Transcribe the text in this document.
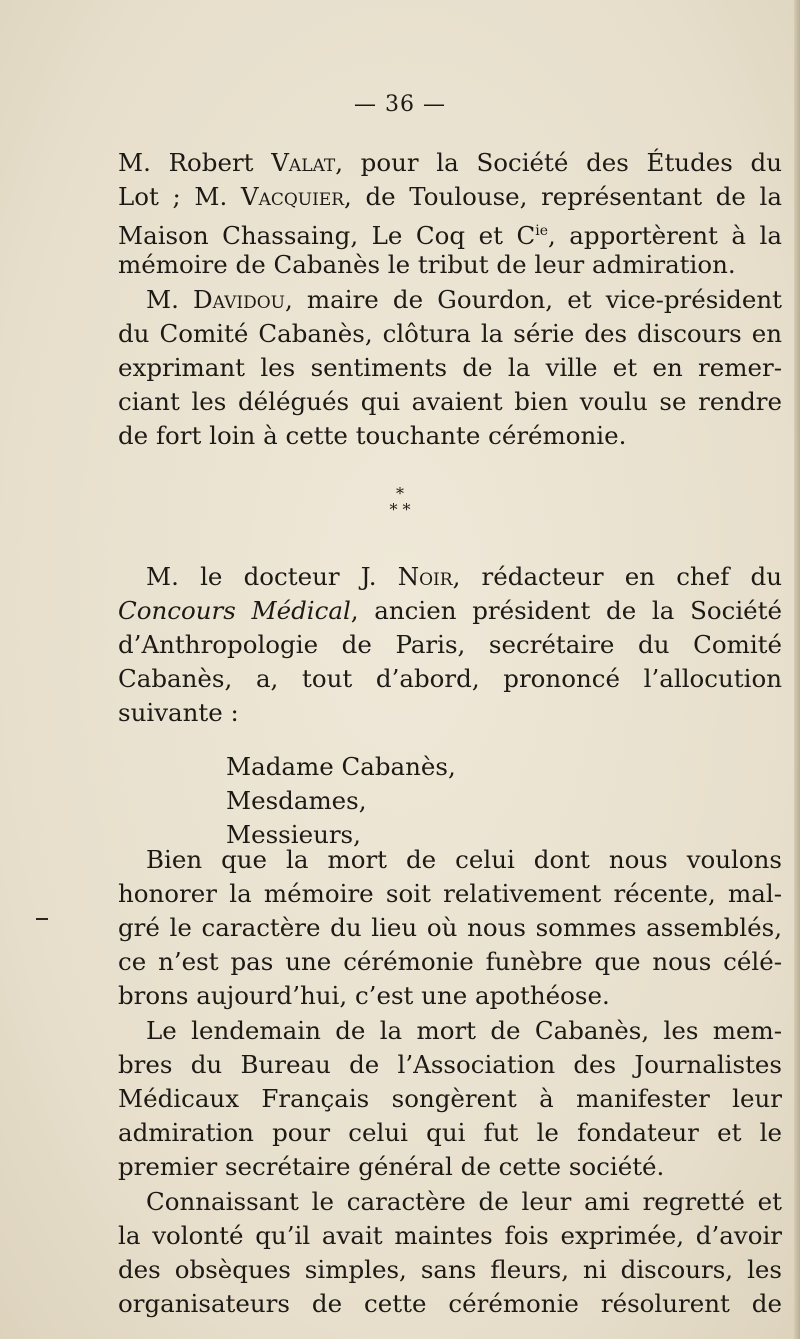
— 36 —
M. Robert Valat, pour la Société des Études du
Lot ; M. Vacquier, de Toulouse, représentant de la
Maison Chassaing, Le Coq et $C^{ie}$, apportèrent à la
mémoire de Cabanès le tribut de leur admiration.
M. Davidou, maire de Gourdon, et vice-président
du Comité Cabanès, clôtura la série des discours en
exprimant les sentiments de la ville et en remer-
ciant les délégués qui avaient bien voulu se rendre
de fort loin à cette touchante cérémonie.
M. le docteur J. Noir, rédacteur en chef du
Concours Médical, ancien président de la Société
d’Anthropologie de Paris, secrétaire du Comité
Cabanès, a, tout d’abord, prononcé l’allocution
suivante :
Bien que la mort de celui dont nous voulons
honorer la mémoire soit relativement récente, mal-
gré le caractère du lieu où nous sommes assemblés,
ce n’est pas une cérémonie funèbre que nous célé-
brons aujourd’hui, c’est une apothéose.
Le lendemain de la mort de Cabanès, les mem-
bres du Bureau de l’Association des Journalistes
Médicaux Français songèrent à manifester leur
admiration pour celui qui fut le fondateur et le
premier secrétaire général de cette société.
Connaissant le caractère de leur ami regretté et
la volonté qu’il avait maintes fois exprimée, d’avoir
des obsèques simples, sans fleurs, ni discours, les
organisateurs de cette cérémonie résolurent de
*
* *
Madame Cabanès,
Mesdames,
Messieurs,
